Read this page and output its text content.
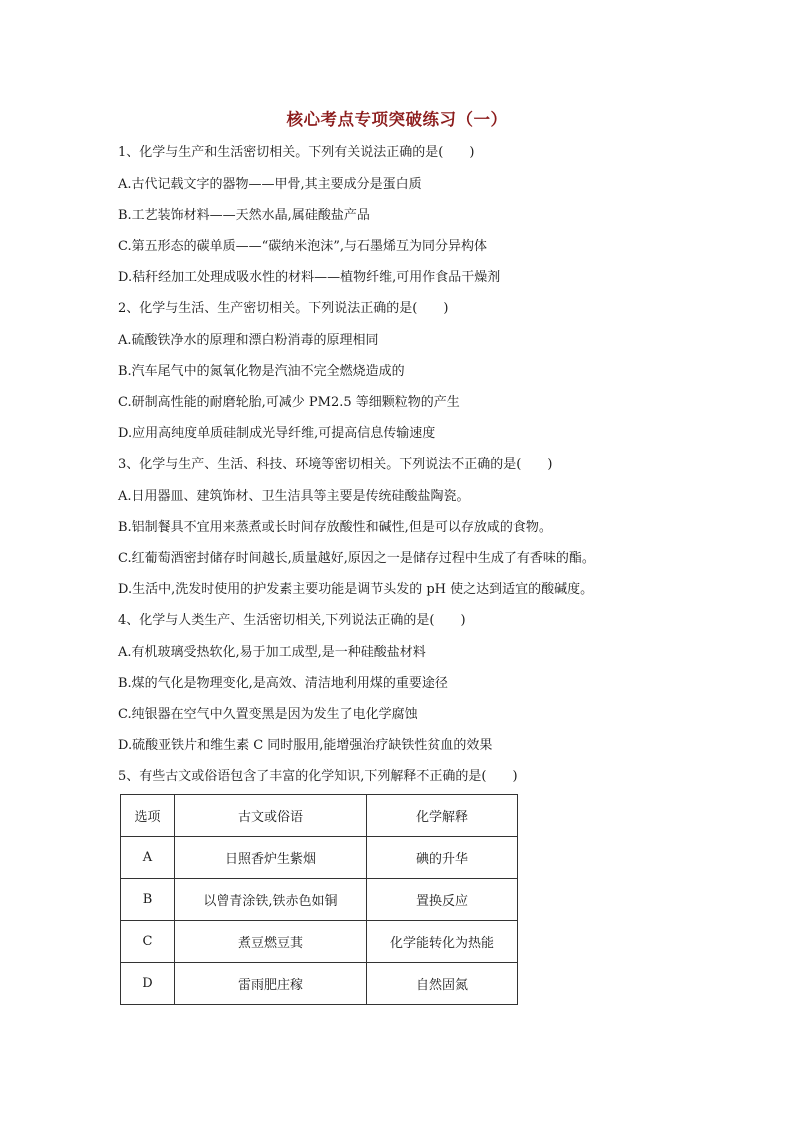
核心考点专项突破练习（一）
1、化学与生产和生活密切相关。下列有关说法正确的是(　　)
A.古代记载文字的器物——甲骨,其主要成分是蛋白质
B.工艺装饰材料——天然水晶,属硅酸盐产品
C.第五形态的碳单质——“碳纳米泡沫”,与石墨烯互为同分异构体
D.秸秆经加工处理成吸水性的材料——植物纤维,可用作食品干燥剂
2、化学与生活、生产密切相关。下列说法正确的是(　　)
A.硫酸铁净水的原理和漂白粉消毒的原理相同
B.汽车尾气中的氮氧化物是汽油不完全燃烧造成的
C.研制高性能的耐磨轮胎,可减少 PM2.5 等细颗粒物的产生
D.应用高纯度单质硅制成光导纤维,可提高信息传输速度
3、化学与生产、生活、科技、环境等密切相关。下列说法不正确的是(　　)
A.日用器皿、建筑饰材、卫生洁具等主要是传统硅酸盐陶瓷。
B.铝制餐具不宜用来蒸煮或长时间存放酸性和碱性,但是可以存放咸的食物。
C.红葡萄酒密封储存时间越长,质量越好,原因之一是储存过程中生成了有香味的酯。
D.生活中,洗发时使用的护发素主要功能是调节头发的 pH 使之达到适宜的酸碱度。
4、化学与人类生产、生活密切相关,下列说法正确的是(　　)
A.有机玻璃受热软化,易于加工成型,是一种硅酸盐材料
B.煤的气化是物理变化,是高效、清洁地利用煤的重要途径
C.纯银器在空气中久置变黑是因为发生了电化学腐蚀
D.硫酸亚铁片和维生素 C 同时服用,能增强治疗缺铁性贫血的效果
5、有些古文或俗语包含了丰富的化学知识,下列解释不正确的是(　　)
选项	古文或俗语	化学解释
A	日照香炉生紫烟	碘的升华
B	以曾青涂铁,铁赤色如铜	置换反应
C	煮豆燃豆萁	化学能转化为热能
D	雷雨肥庄稼	自然固氮
